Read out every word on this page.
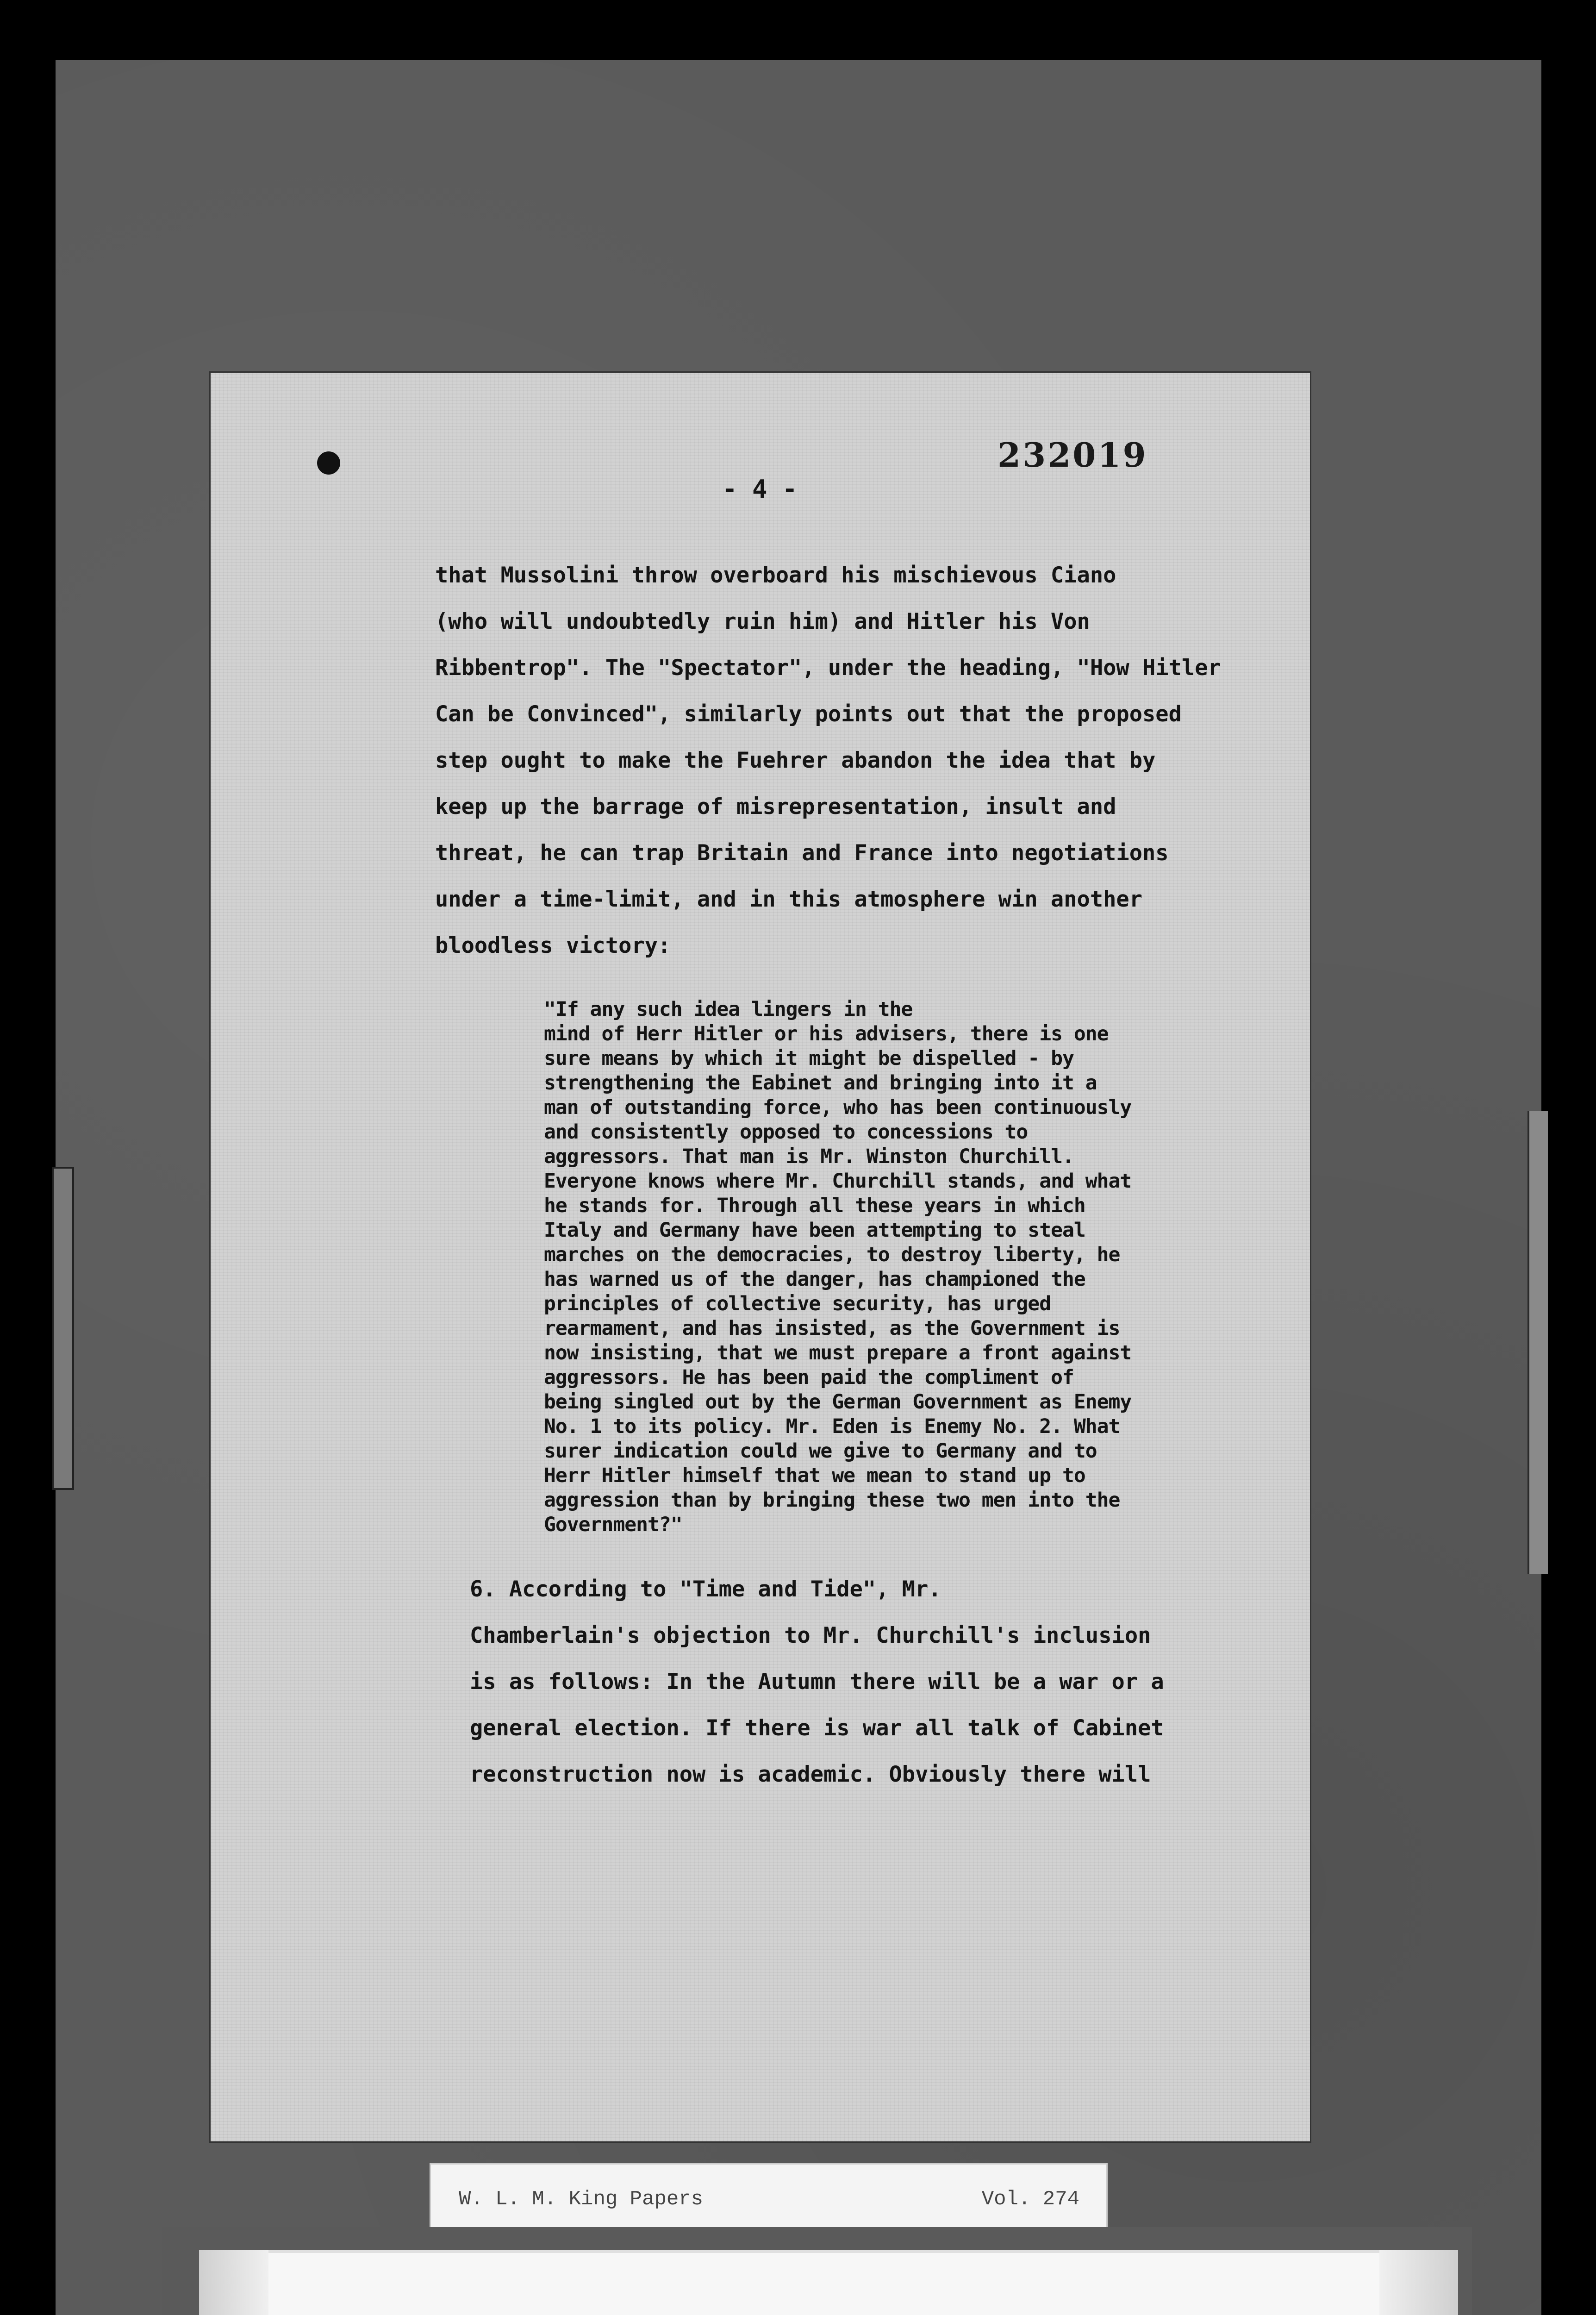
232019
- 4 -

that Mussolini throw overboard his mischievous Ciano

(who will undoubtedly ruin him) and Hitler his Von

Ribbentrop". The "Spectator", under the heading, "How Hitler

Can be Convinced", similarly points out that the proposed

step ought to make the Fuehrer abandon the idea that by

keep up the barrage of misrepresentation, insult and

threat, he can trap Britain and France into negotiations

under a time-limit, and in this atmosphere win another

bloodless victory:

"If any such idea lingers in the

mind of Herr Hitler or his advisers, there is one

sure means by which it might be dispelled - by

strengthening the Eabinet and bringing into it a

man of outstanding force, who has been continuously

and consistently opposed to concessions to

aggressors. That man is Mr. Winston Churchill.

Everyone knows where Mr. Churchill stands, and what

he stands for. Through all these years in which

Italy and Germany have been attempting to steal

marches on the democracies, to destroy liberty, he

has warned us of the danger, has championed the

principles of collective security, has urged

rearmament, and has insisted, as the Government is

now insisting, that we must prepare a front against

aggressors. He has been paid the compliment of

being singled out by the German Government as Enemy

No. 1 to its policy. Mr. Eden is Enemy No. 2. What

surer indication could we give to Germany and to

Herr Hitler himself that we mean to stand up to

aggression than by bringing these two men into the

Government?"

6. According to "Time and Tide", Mr.

Chamberlain's objection to Mr. Churchill's inclusion

is as follows: In the Autumn there will be a war or a

general election. If there is war all talk of Cabinet

reconstruction now is academic. Obviously there will

W. L. M. King Papers	Vol. 274
